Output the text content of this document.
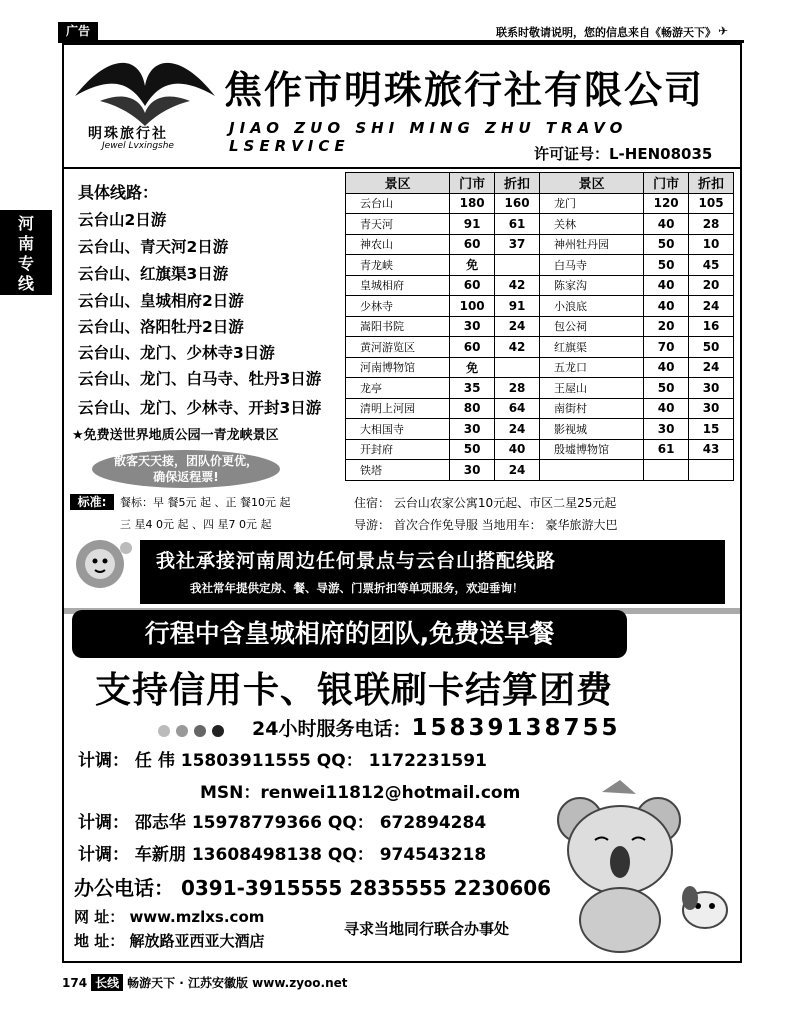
广告	联系时敬请说明，您的信息来自《畅游天下》 ✈
河南专线
明珠旅行社
Jewel Lvxingshe
焦作市明珠旅行社有限公司
JIAO ZUO SHI MING ZHU TRAVO LSERVICE	许可证号：L-HEN08035
具体线路：
云台山2日游
云台山、青天河2日游
云台山、红旗渠3日游
云台山、皇城相府2日游
云台山、洛阳牡丹2日游
云台山、龙门、少林寺3日游
云台山、龙门、白马寺、牡丹3日游
云台山、龙门、少林寺、开封3日游
★免费送世界地质公园一青龙峡景区
散客天天接，团队价更优，
确保返程票!
景区	门市	折扣	景区	门市	折扣
云台山	180	160	龙门	120	105
青天河	91	61	关林	40	28
神农山	60	37	神州牡丹园	50	10
青龙峡	免		白马寺	50	45
皇城相府	60	42	陈家沟	40	20
少林寺	100	91	小浪底	40	24
嵩阳书院	30	24	包公祠	20	16
黄河游览区	60	42	红旗渠	70	50
河南博物馆	免		五龙口	40	24
龙亭	35	28	王屋山	50	30
清明上河园	80	64	南街村	40	30
大相国寺	30	24	影视城	30	15
开封府	50	40	殷墟博物馆	61	43
铁塔	30	24			
标准:	餐标：早 餐5元 起 、正 餐10元 起
三 星4 0元 起 、四 星7 0元 起
住宿： 云台山农家公寓10元起、市区二星25元起
导游： 首次合作免导服 当地用车： 豪华旅游大巴
我社承接河南周边任何景点与云台山搭配线路
我社常年提供定房、餐、导游、门票折扣等单项服务，欢迎垂询！
行程中含皇城相府的团队,免费送早餐
支持信用卡、银联刷卡结算团费
24小时服务电话：15839138755
计调： 任 伟 15803911555 QQ： 1172231591
MSN：renwei11812@hotmail.com
计调： 邵志华 15978779366 QQ： 672894284
计调： 车新朋 13608498138 QQ： 974543218
办公电话： 0391-3915555 2835555 2230606
网 址： www.mzlxs.com
地 址： 解放路亚西亚大酒店
寻求当地同行联合办事处
174 长线 畅游天下 · 江苏安徽版 www.zyoo.net
